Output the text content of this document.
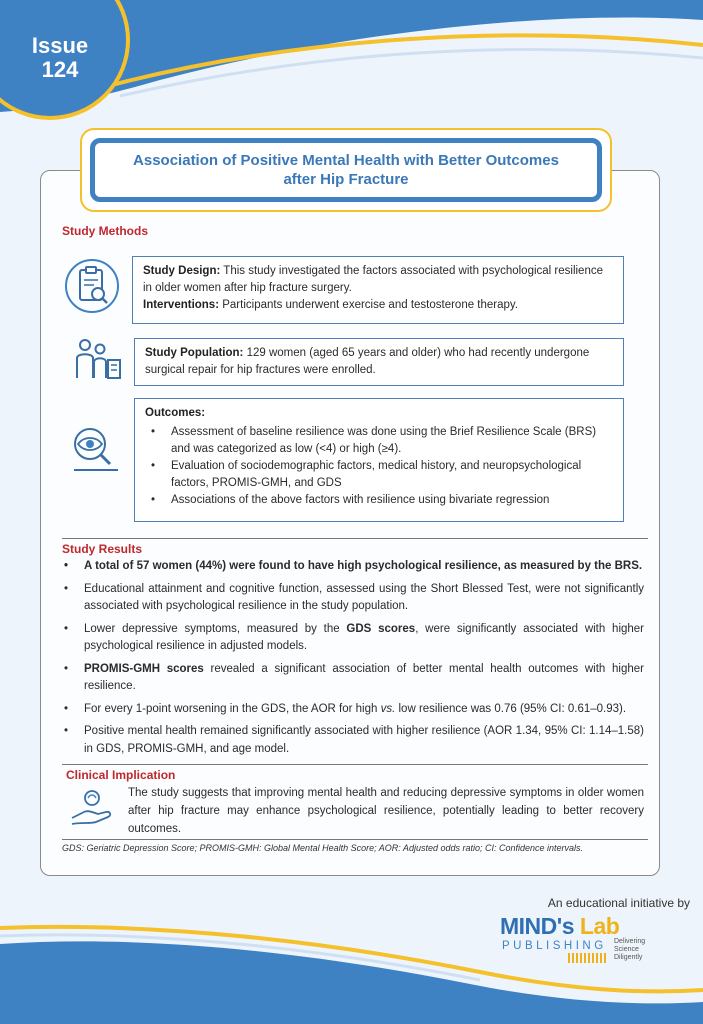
Issue
124
Association of Positive Mental Health with Better Outcomes
after Hip Fracture
Study Methods
Study Design: This study investigated the factors associated with psychological resilience in older women after hip fracture surgery.
Interventions: Participants underwent exercise and testosterone therapy.
Study Population: 129 women (aged 65 years and older) who had recently undergone surgical repair for hip fractures were enrolled.
Outcomes:
• Assessment of baseline resilience was done using the Brief Resilience Scale (BRS) and was categorized as low (<4) or high (≥4).
• Evaluation of sociodemographic factors, medical history, and neuropsychological factors, PROMIS-GMH, and GDS
• Associations of the above factors with resilience using bivariate regression
Study Results
• A total of 57 women (44%) were found to have high psychological resilience, as measured by the BRS.
• Educational attainment and cognitive function, assessed using the Short Blessed Test, were not significantly associated with psychological resilience in the study population.
• Lower depressive symptoms, measured by the GDS scores, were significantly associated with higher psychological resilience in adjusted models.
• PROMIS-GMH scores revealed a significant association of better mental health outcomes with higher resilience.
• For every 1-point worsening in the GDS, the AOR for high vs. low resilience was 0.76 (95% CI: 0.61–0.93).
• Positive mental health remained significantly associated with higher resilience (AOR 1.34, 95% CI: 1.14–1.58) in GDS, PROMIS-GMH, and age model.
Clinical Implication
The study suggests that improving mental health and reducing depressive symptoms in older women after hip fracture may enhance psychological resilience, potentially leading to better recovery outcomes.
GDS: Geriatric Depression Score; PROMIS-GMH: Global Mental Health Score; AOR: Adjusted odds ratio; CI: Confidence intervals.
An educational initiative by
MIND's Lab
PUBLISHING Delivering
Science
Diligently
